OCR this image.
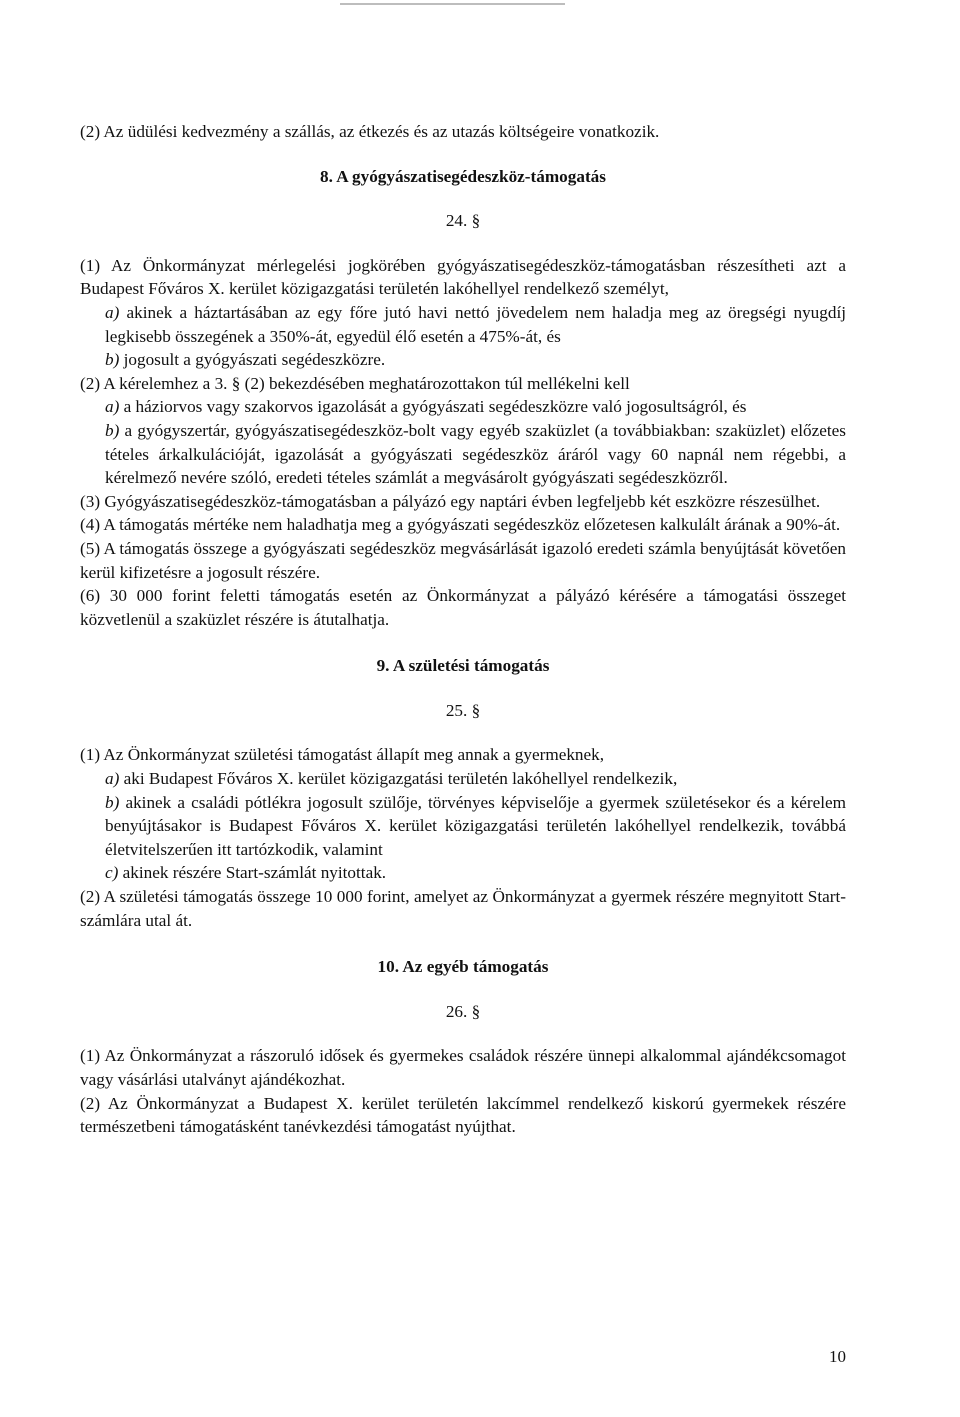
(2) Az üdülési kedvezmény a szállás, az étkezés és az utazás költségeire vonatkozik.

8. A gyógyászatisegédeszköz-támogatás

24. §

(1) Az Önkormányzat mérlegelési jogkörében gyógyászatisegédeszköz-támogatásban részesítheti azt a Budapest Főváros X. kerület közigazgatási területén lakóhellyel rendelkező személyt,

a) akinek a háztartásában az egy főre jutó havi nettó jövedelem nem haladja meg az öregségi nyugdíj legkisebb összegének a 350%-át, egyedül élő esetén a 475%-át, és

b) jogosult a gyógyászati segédeszközre.

(2) A kérelemhez a 3. § (2) bekezdésében meghatározottakon túl mellékelni kell

a) a háziorvos vagy szakorvos igazolását a gyógyászati segédeszközre való jogosultságról, és

b) a gyógyszertár, gyógyászatisegédeszköz-bolt vagy egyéb szaküzlet (a továbbiakban: szaküzlet) előzetes tételes árkalkulációját, igazolását a gyógyászati segédeszköz áráról vagy 60 napnál nem régebbi, a kérelmező nevére szóló, eredeti tételes számlát a megvásárolt gyógyászati segédeszközről.

(3) Gyógyászatisegédeszköz-támogatásban a pályázó egy naptári évben legfeljebb két eszközre részesülhet.

(4) A támogatás mértéke nem haladhatja meg a gyógyászati segédeszköz előzetesen kalkulált árának a 90%-át.

(5) A támogatás összege a gyógyászati segédeszköz megvásárlását igazoló eredeti számla benyújtását követően kerül kifizetésre a jogosult részére.

(6) 30 000 forint feletti támogatás esetén az Önkormányzat a pályázó kérésére a támogatási összeget közvetlenül a szaküzlet részére is átutalhatja.

9. A születési támogatás

25. §

(1) Az Önkormányzat születési támogatást állapít meg annak a gyermeknek,

a) aki Budapest Főváros X. kerület közigazgatási területén lakóhellyel rendelkezik,

b) akinek a családi pótlékra jogosult szülője, törvényes képviselője a gyermek születésekor és a kérelem benyújtásakor is Budapest Főváros X. kerület közigazgatási területén lakóhellyel rendelkezik, továbbá életvitelszerűen itt tartózkodik, valamint

c) akinek részére Start-számlát nyitottak.

(2) A születési támogatás összege 10 000 forint, amelyet az Önkormányzat a gyermek részére megnyitott Start-számlára utal át.

10. Az egyéb támogatás

26. §

(1) Az Önkormányzat a rászoruló idősek és gyermekes családok részére ünnepi alkalommal ajándékcsomagot vagy vásárlási utalványt ajándékozhat.

(2) Az Önkormányzat a Budapest X. kerület területén lakcímmel rendelkező kiskorú gyermekek részére természetbeni támogatásként tanévkezdési támogatást nyújthat.

10
